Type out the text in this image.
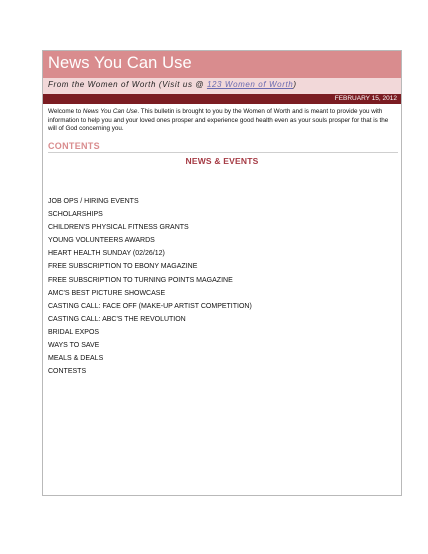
News You Can Use
From the Women of Worth (Visit us @ 123 Women of Worth)
FEBRUARY 15, 2012
Welcome to News You Can Use. This bulletin is brought to you by the Women of Worth and is meant to provide you with information to help you and your loved ones prosper and experience good health even as your souls prosper for that is the will of God concerning you.
CONTENTS
NEWS & EVENTS
JOB OPS / HIRING EVENTS
SCHOLARSHIPS
CHILDREN'S PHYSICAL FITNESS GRANTS
YOUNG VOLUNTEERS AWARDS
HEART HEALTH SUNDAY (02/26/12)
FREE SUBSCRIPTION TO EBONY MAGAZINE
FREE SUBSCRIPTION TO TURNING POINTS MAGAZINE
AMC'S BEST PICTURE SHOWCASE
CASTING CALL: FACE OFF (MAKE-UP ARTIST COMPETITION)
CASTING CALL: ABC'S THE REVOLUTION
BRIDAL EXPOS
WAYS TO SAVE
MEALS & DEALS
CONTESTS
